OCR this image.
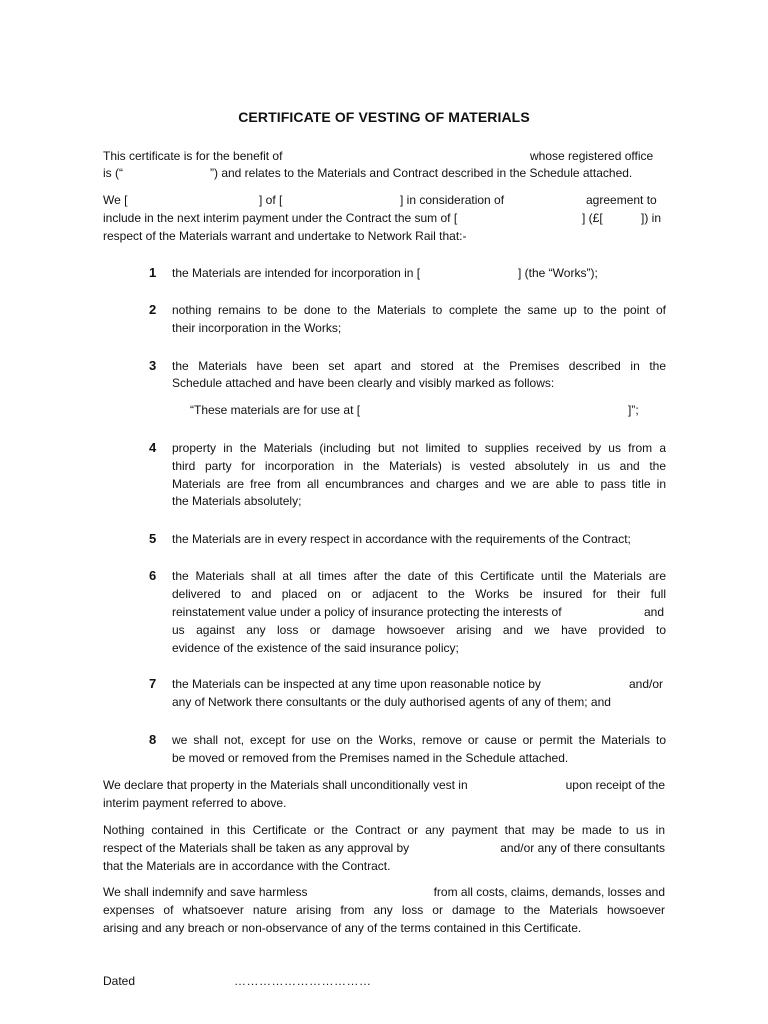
CERTIFICATE OF VESTING OF MATERIALS
This certificate is for the benefit of	whose registered office
is (“	”) and relates to the Materials and Contract described in the Schedule attached.
We [	] of [	] in consideration of	agreement to
include in the next interim payment under the Contract the sum of [	] (£[	]) in
respect of the Materials warrant and undertake to Network Rail that:-
1 the Materials are intended for incorporation in [	] (the “Works”);
2 nothing remains to be done to the Materials to complete the same up to the point of
their incorporation in the Works;
3 the Materials have been set apart and stored at the Premises described in the
Schedule attached and have been clearly and visibly marked as follows:
“These materials are for use at [	]”;
4 property in the Materials (including but not limited to supplies received by us from a
third party for incorporation in the Materials) is vested absolutely in us and the
Materials are free from all encumbrances and charges and we are able to pass title in
the Materials absolutely;
5 the Materials are in every respect in accordance with the requirements of the Contract;
6 the Materials shall at all times after the date of this Certificate until the Materials are
delivered to and placed on or adjacent to the Works be insured for their full
reinstatement value under a policy of insurance protecting the interests of	and
us against any loss or damage howsoever arising and we have provided to
evidence of the existence of the said insurance policy;
7 the Materials can be inspected at any time upon reasonable notice by	and/or
any of Network there consultants or the duly authorised agents of any of them; and
8 we shall not, except for use on the Works, remove or cause or permit the Materials to
be moved or removed from the Premises named in the Schedule attached.
We declare that property in the Materials shall unconditionally vest in	upon receipt of the
interim payment referred to above.
Nothing contained in this Certificate or the Contract or any payment that may be made to us in
respect of the Materials shall be taken as any approval by	and/or any of there consultants
that the Materials are in accordance with the Contract.
We shall indemnify and save harmless	from all costs, claims, demands, losses and
expenses of whatsoever nature arising from any loss or damage to the Materials howsoever
arising and any breach or non-observance of any of the terms contained in this Certificate.
Dated	……………………………
